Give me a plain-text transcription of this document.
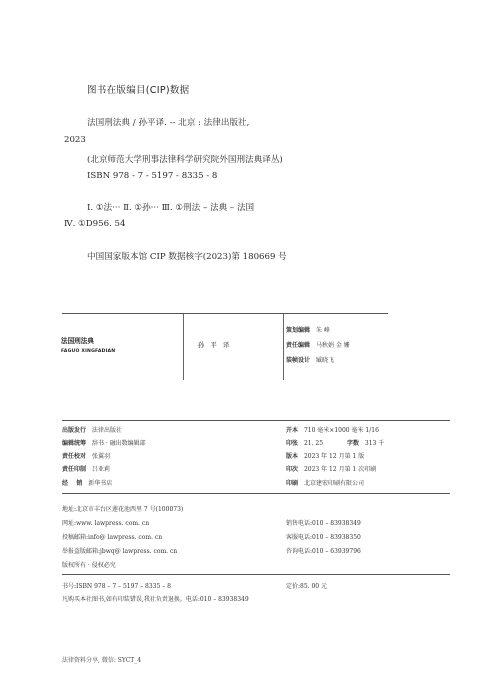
图书在版编目(CIP)数据
法国刑法典 / 孙平译. -- 北京 : 法律出版社,
2023
(北京师范大学刑事法律科学研究院外国刑法典译丛)
ISBN 978 - 7 - 5197 - 8335 - 8
Ⅰ. ①法··· Ⅱ. ①孙··· Ⅲ. ①刑法 – 法典 – 法国
Ⅳ. ①D956. 54
中国国家版本馆 CIP 数据核字(2023)第 180669 号
法国刑法典
FAGUO XINGFADIAN
孙 平 译
策划编辑 朱 峰
责任编辑 马秋娟 金 姗
装帧设计 臧晓飞
出版发行 法律出版社
编辑统筹 辞书 · 融出数编辑部
责任校对 张翼羽
责任印制 吕亚莉
经    销 新华书店
开本 710 毫米×1000 毫米 1/16
印张 21. 25	字数 313 千
版本 2023 年 12 月第 1 版
印次 2023 年 12 月第 1 次印刷
印刷 北京建宏印刷有限公司
地址:北京市丰台区莲花池西里 7 号(100073)
网址:www. lawpress. com. cn	销售电话:010 – 83938349
投稿邮箱:info@ lawpress. com. cn	客服电话:010 – 83938350
举报盗版邮箱:jbwq@ lawpress. com. cn	咨询电话:010 – 63939796
版权所有 · 侵权必究
书号:ISBN 978 – 7 – 5197 – 8335 – 8	定价:85. 00 元
凡购买本社图书,如有印装错误,我社负责退换。电话:010 – 83938349
法律资料分享, 微信: SYCT_4
